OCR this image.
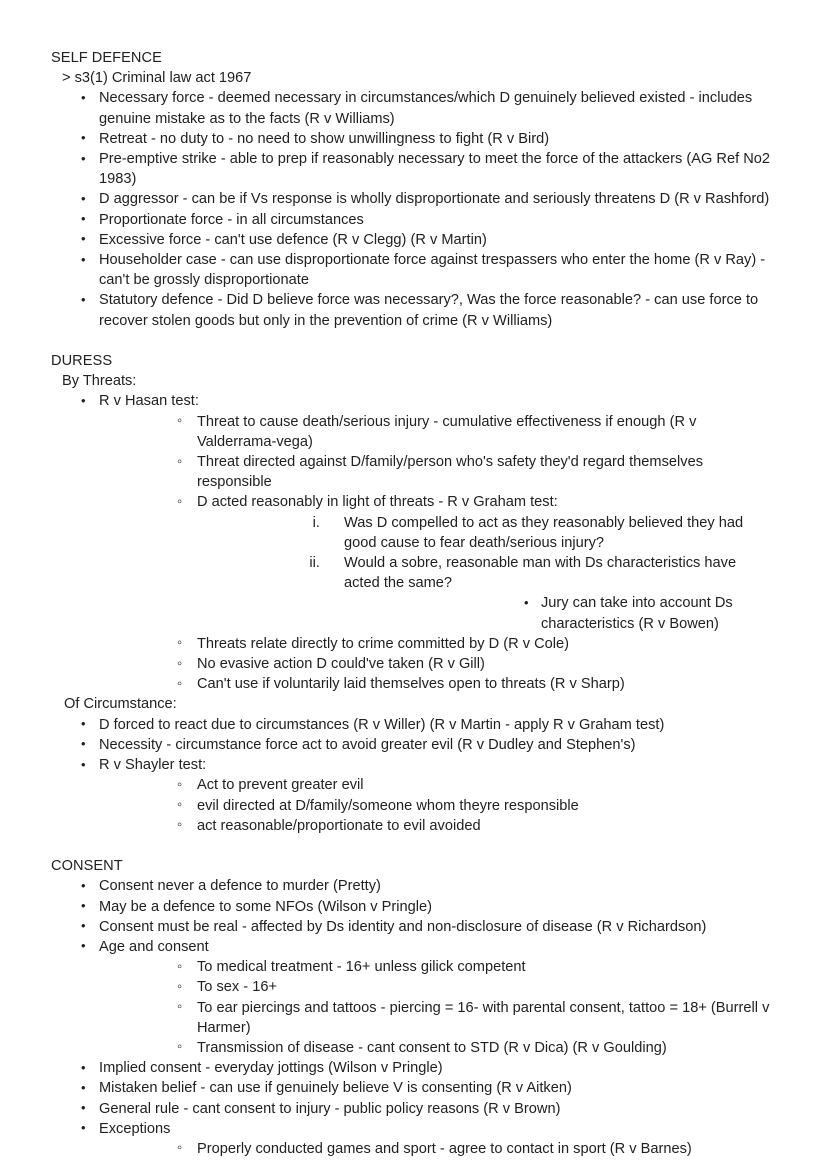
SELF DEFENCE
> s3(1) Criminal law act 1967
• Necessary force - deemed necessary in circumstances/which D genuinely believed existed - includes genuine mistake as to the facts (R v Williams)
• Retreat - no duty to - no need to show unwillingness to fight (R v Bird)
• Pre-emptive strike - able to prep if reasonably necessary to meet the force of the attackers (AG Ref No2 1983)
• D aggressor - can be if Vs response is wholly disproportionate and seriously threatens D (R v Rashford)
• Proportionate force - in all circumstances
• Excessive force - can't use defence (R v Clegg) (R v Martin)
• Householder case - can use disproportionate force against trespassers who enter the home (R v Ray) - can't be grossly disproportionate
• Statutory defence - Did D believe force was necessary?, Was the force reasonable? - can use force to recover stolen goods but only in the prevention of crime (R v Williams)
DURESS
By Threats:
• R v Hasan test:
◦ Threat to cause death/serious injury - cumulative effectiveness if enough (R v Valderrama-vega)
◦ Threat directed against D/family/person who's safety they'd regard themselves responsible
◦ D acted reasonably in light of threats - R v Graham test:
i. Was D compelled to act as they reasonably believed they had good cause to fear death/serious injury?
ii. Would a sobre, reasonable man with Ds characteristics have acted the same?
• Jury can take into account Ds characteristics (R v Bowen)
◦ Threats relate directly to crime committed by D (R v Cole)
◦ No evasive action D could've taken (R v Gill)
◦ Can't use if voluntarily laid themselves open to threats (R v Sharp)
Of Circumstance:
• D forced to react due to circumstances (R v Willer) (R v Martin - apply R v Graham test)
• Necessity - circumstance force act to avoid greater evil (R v Dudley and Stephen's)
• R v Shayler test:
◦ Act to prevent greater evil
◦ evil directed at D/family/someone whom theyre responsible
◦ act reasonable/proportionate to evil avoided
CONSENT
• Consent never a defence to murder (Pretty)
• May be a defence to some NFOs (Wilson v Pringle)
• Consent must be real - affected by Ds identity and non-disclosure of disease (R v Richardson)
• Age and consent
◦ To medical treatment - 16+ unless gilick competent
◦ To sex - 16+
◦ To ear piercings and tattoos - piercing = 16- with parental consent, tattoo = 18+ (Burrell v Harmer)
◦ Transmission of disease - cant consent to STD (R v Dica) (R v Goulding)
• Implied consent - everyday jottings (Wilson v Pringle)
• Mistaken belief - can use if genuinely believe V is consenting (R v Aitken)
• General rule - cant consent to injury - public policy reasons (R v Brown)
• Exceptions
◦ Properly conducted games and sport - agree to contact in sport (R v Barnes)
